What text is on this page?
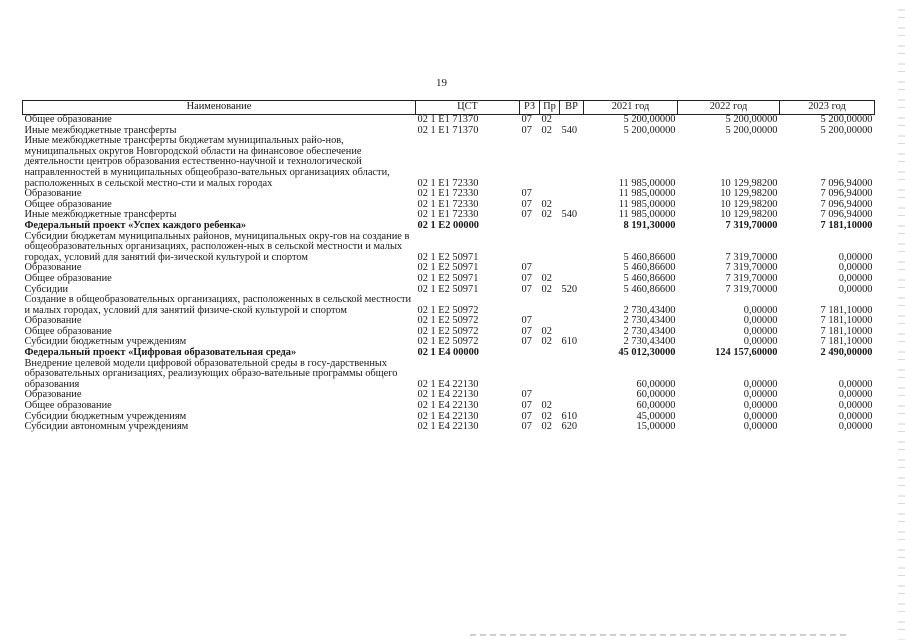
19
Наименование	ЦСТ	РЗ	Пр	ВР	2021 год	2022 год	2023 год
Общее образование	02 1 E1 71370	07	02		5 200,00000	5 200,00000	5 200,00000
Иные межбюджетные трансферты	02 1 E1 71370	07	02	540	5 200,00000	5 200,00000	5 200,00000
Иные межбюджетные трансферты бюджетам муниципальных райо-нов, муниципальных округов Новгородской области на финансовое обеспечение деятельности центров образования естественно-научной и технологической направленностей в муниципальных общеобразо-вательных организациях области, расположенных в сельской местно-сти и малых городах	02 1 E1 72330				11 985,00000	10 129,98200	7 096,94000
Образование	02 1 E1 72330	07			11 985,00000	10 129,98200	7 096,94000
Общее образование	02 1 E1 72330	07	02		11 985,00000	10 129,98200	7 096,94000
Иные межбюджетные трансферты	02 1 E1 72330	07	02	540	11 985,00000	10 129,98200	7 096,94000
Федеральный проект «Успех каждого ребенка»	02 1 E2 00000				8 191,30000	7 319,70000	7 181,10000
Субсидии бюджетам муниципальных районов, муниципальных окру-гов на создание в общеобразовательных организациях, расположен-ных в сельской местности и малых городах, условий для занятий фи-зической культурой и спортом	02 1 E2 50971				5 460,86600	7 319,70000	0,00000
Образование	02 1 E2 50971	07			5 460,86600	7 319,70000	0,00000
Общее образование	02 1 E2 50971	07	02		5 460,86600	7 319,70000	0,00000
Субсидии	02 1 E2 50971	07	02	520	5 460,86600	7 319,70000	0,00000
Создание в общеобразовательных организациях, расположенных в сельской местности и малых городах, условий для занятий физиче-ской культурой и спортом	02 1 E2 50972				2 730,43400	0,00000	7 181,10000
Образование	02 1 E2 50972	07			2 730,43400	0,00000	7 181,10000
Общее образование	02 1 E2 50972	07	02		2 730,43400	0,00000	7 181,10000
Субсидии бюджетным учреждениям	02 1 E2 50972	07	02	610	2 730,43400	0,00000	7 181,10000
Федеральный проект «Цифровая образовательная среда»	02 1 E4 00000				45 012,30000	124 157,60000	2 490,00000
Внедрение целевой модели цифровой образовательной среды в госу-дарственных образовательных организациях, реализующих образо-вательные программы общего образования	02 1 E4 22130				60,00000	0,00000	0,00000
Образование	02 1 E4 22130	07			60,00000	0,00000	0,00000
Общее образование	02 1 E4 22130	07	02		60,00000	0,00000	0,00000
Субсидии бюджетным учреждениям	02 1 E4 22130	07	02	610	45,00000	0,00000	0,00000
Субсидии автономным учреждениям	02 1 E4 22130	07	02	620	15,00000	0,00000	0,00000
